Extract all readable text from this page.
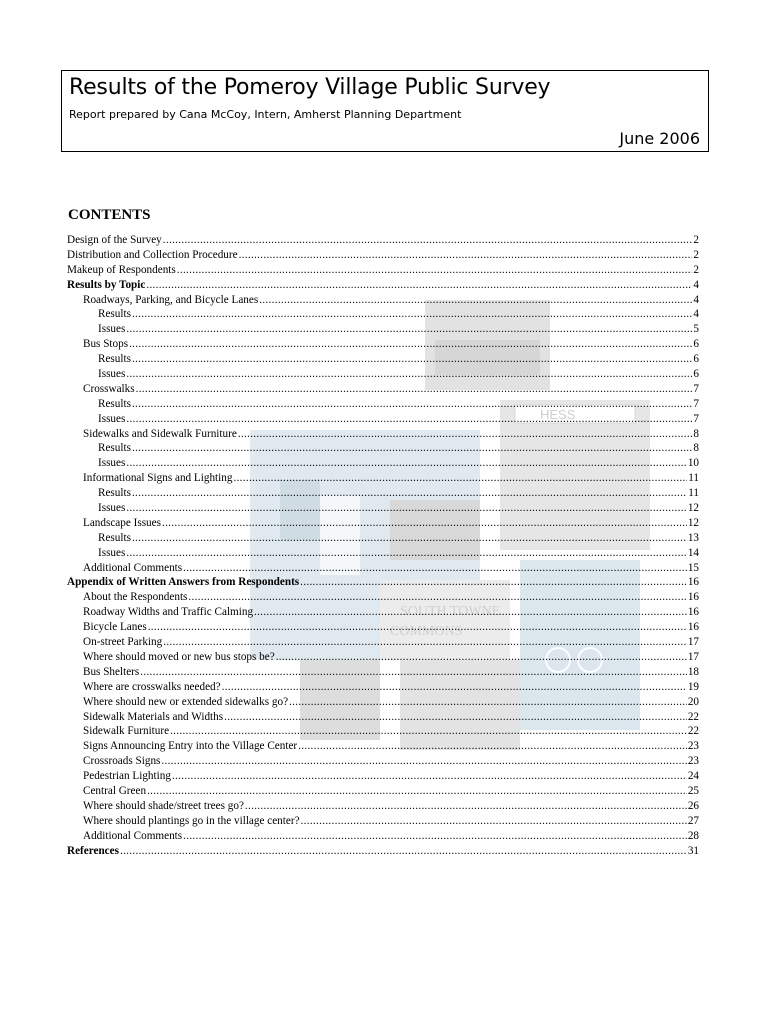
Results of the Pomeroy Village Public Survey
Report prepared by Cana McCoy, Intern, Amherst Planning Department
June 2006
HESS
SOUTH TOWNE
COMMONS
CONTENTS
Design of the Survey .....	2
Distribution and Collection Procedure .....	2
Makeup of Respondents .....	2
Results by Topic .....	4
Roadways, Parking, and Bicycle Lanes .....	4
Results .....	4
Issues .....	5
Bus Stops .....	6
Results .....	6
Issues .....	6
Crosswalks .....	7
Results .....	7
Issues .....	7
Sidewalks and Sidewalk Furniture .....	8
Results .....	8
Issues .....	10
Informational Signs and Lighting .....	11
Results .....	11
Issues .....	12
Landscape Issues .....	12
Results .....	13
Issues .....	14
Additional Comments .....	15
Appendix of Written Answers from Respondents .....	16
About the Respondents .....	16
Roadway Widths and Traffic Calming .....	16
Bicycle Lanes .....	16
On-street Parking .....	17
Where should moved or new bus stops be? .....	17
Bus Shelters .....	18
Where are crosswalks needed? .....	19
Where should new or extended sidewalks go? .....	20
Sidewalk Materials and Widths .....	22
Sidewalk Furniture .....	22
Signs Announcing Entry into the Village Center .....	23
Crossroads Signs .....	23
Pedestrian Lighting .....	24
Central Green .....	25
Where should shade/street trees go? .....	26
Where should plantings go in the village center? .....	27
Additional Comments .....	28
References .....	31
